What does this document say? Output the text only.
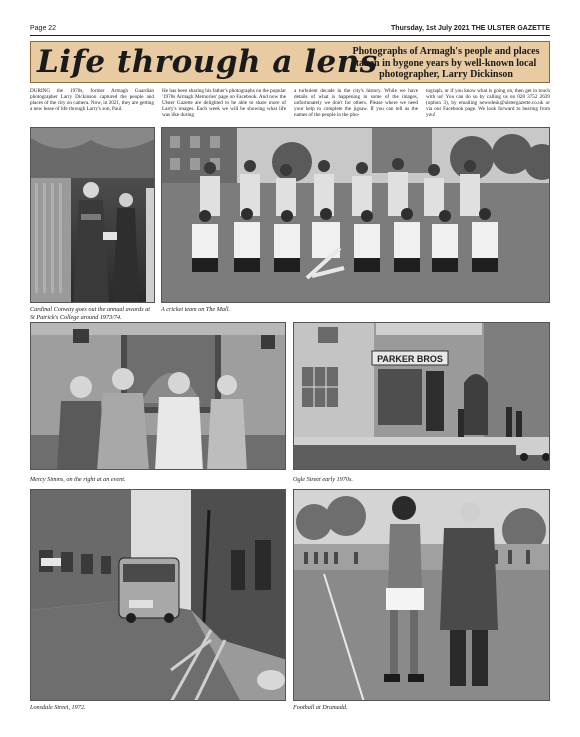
Page 22	Thursday, 1st July 2021 THE ULSTER GAZETTE
Life through a lens
Photographs of Armagh's people and places taken in bygone years by well-known local photographer, Larry Dickinson

DURING the 1970s, former Armagh Guardian photographer Larry Dickinson captured the people and places of the city on camera. Now, in 2021, they are getting a new lease of life through Larry's son, Paul.

He has been sharing his father's photographs on the popular '1970s Armagh Memories' page on Facebook. And now the Ulster Gazette are delighted to be able to share more of Larry's images. Each week we will be showing what life was like during

a turbulent decade in the city's history. While we have details of what is happening in some of the images, unfortunately we don't for others. Please where we need your help to complete the jigsaw. If you can tell us the names of the people in the pho-

tograph, or if you know what is going on, then get in touch with us! You can do so by calling us on 028 3752 2639 (option 3), by emailing newsdesk@ulstergazette.co.uk or via our Facebook page. We look forward to hearing from you!

Cardinal Conway goes out the annual awards at St Patrick's College around 1973/74.
A cricket team on The Mall.
Mercy Simms, on the right at an event.
PARKER BROS
Ogle Street early 1970s.
Lonsdale Street, 1972.	Football at Drumadd.
